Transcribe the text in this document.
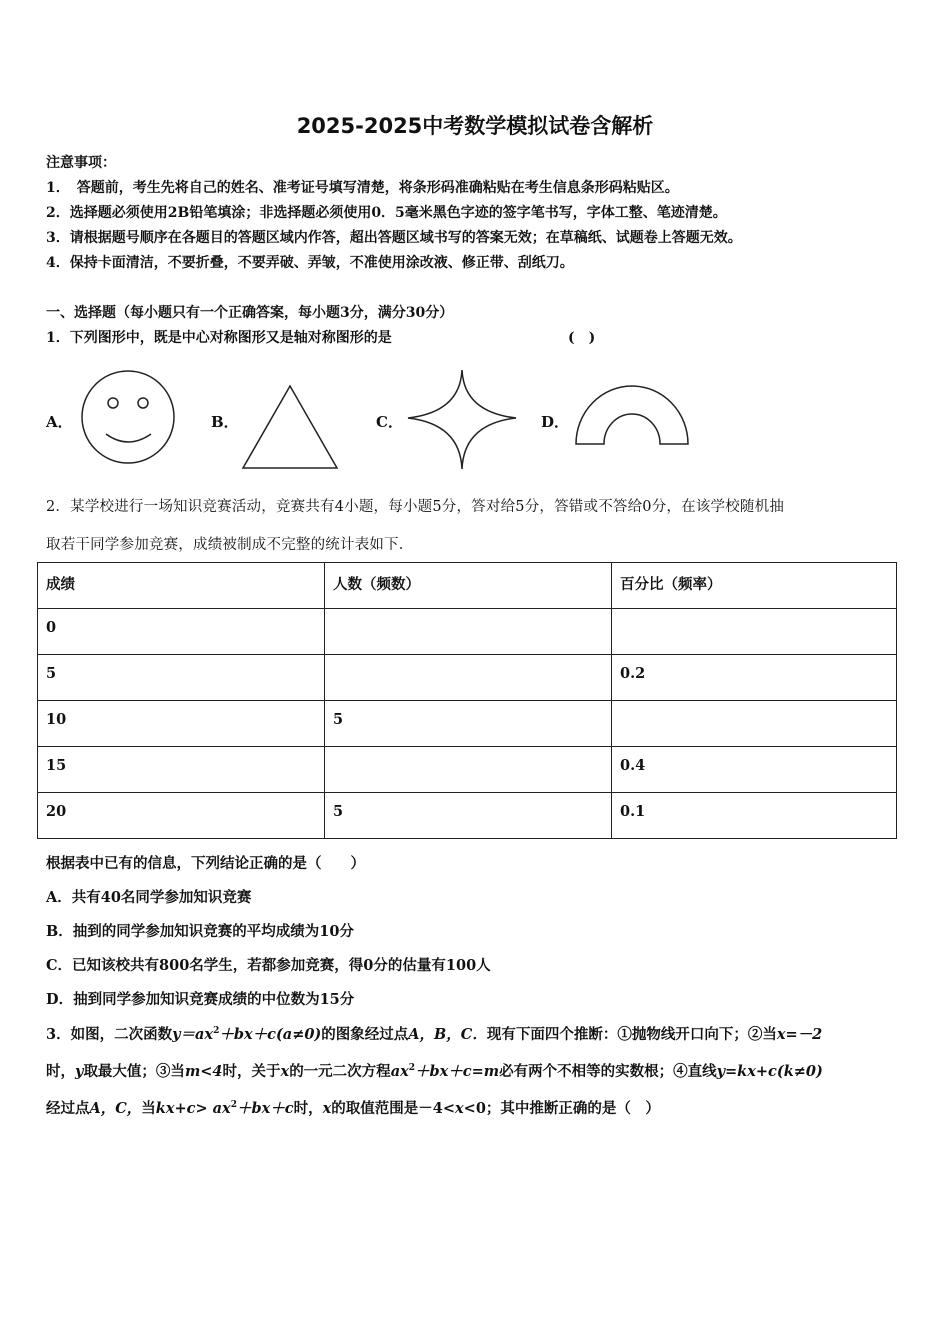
2025-2025中考数学模拟试卷含解析
注意事项：
1．　答题前，考生先将自己的姓名、准考证号填写清楚，将条形码准确粘贴在考生信息条形码粘贴区。
2．选择题必须使用2B铅笔填涂；非选择题必须使用0．5毫米黑色字迹的签字笔书写，字体工整、笔迹清楚。
3．请根据题号顺序在各题目的答题区域内作答，超出答题区域书写的答案无效；在草稿纸、试题卷上答题无效。
4．保持卡面清洁，不要折叠，不要弄破、弄皱，不准使用涂改液、修正带、刮纸刀。
一、选择题（每小题只有一个正确答案，每小题3分，满分30分）
1．下列图形中，既是中心对称图形又是轴对称图形的是	(　)
A．	B．	C．	D．
2．某学校进行一场知识竞赛活动，竞赛共有4小题，每小题5分，答对给5分，答错或不答给0分，在该学校随机抽
取若干同学参加竞赛，成绩被制成不完整的统计表如下．
成绩	人数（频数）	百分比（频率）
0		
5		0.2
10	5	
15		0.4
20	5	0.1
根据表中已有的信息，下列结论正确的是（　　）
A．共有40名同学参加知识竞赛
B．抽到的同学参加知识竞赛的平均成绩为10分
C．已知该校共有800名学生，若都参加竞赛，得0分的估量有100人
D．抽到同学参加知识竞赛成绩的中位数为15分
3．如图，二次函数$y=ax^2+bx+c(a\ne 0)$的图象经过点A，B，C．现有下面四个推断：①抛物线开口向下；②当x=－2
时，y取最大值；③当m<4时，关于x的一元二次方程$ax^2+bx+c=m$必有两个不相等的实数根；④直线y=kx+c(k≠0)
经过点A，C，当$kx+c> ax^2+bx+c$时，x的取值范围是－4<x<0；其中推断正确的是（　）
